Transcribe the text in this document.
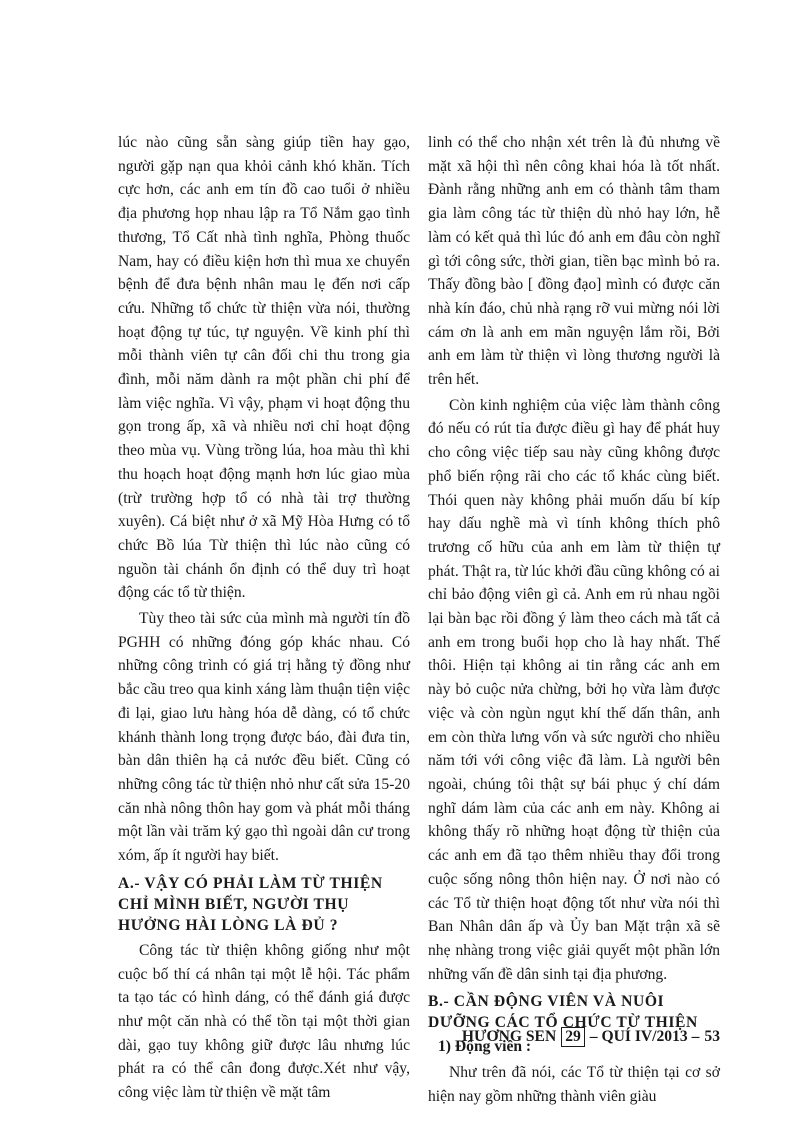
lúc nào cũng sẵn sàng giúp tiền hay gạo, người gặp nạn qua khỏi cảnh khó khăn. Tích cực hơn, các anh em tín đồ cao tuổi ở nhiều địa phương họp nhau lập ra Tổ Nắm gạo tình thương, Tổ Cất nhà tình nghĩa, Phòng thuốc Nam, hay có điều kiện hơn thì mua xe chuyển bệnh để đưa bệnh nhân mau lẹ đến nơi cấp cứu. Những tổ chức từ thiện vừa nói, thường hoạt động tự túc, tự nguyện. Về kinh phí thì mỗi thành viên tự cân đối chi thu trong gia đình, mỗi năm dành ra một phần chi phí để làm việc nghĩa. Vì vậy, phạm vi hoạt động thu gọn trong ấp, xã và nhiều nơi chỉ hoạt động theo mùa vụ. Vùng trồng lúa, hoa màu thì khi thu hoạch hoạt động mạnh hơn lúc giao mùa (trừ trường hợp tổ có nhà tài trợ thường xuyên). Cá biệt như ở xã Mỹ Hòa Hưng có tổ chức Bồ lúa Từ thiện thì lúc nào cũng có nguồn tài chánh ổn định có thể duy trì hoạt động các tổ từ thiện.

Tùy theo tài sức của mình mà người tín đồ PGHH có những đóng góp khác nhau. Có những công trình có giá trị hằng tỷ đồng như bắc cầu treo qua kinh xáng làm thuận tiện việc đi lại, giao lưu hàng hóa dễ dàng, có tổ chức khánh thành long trọng được báo, đài đưa tin, bàn dân thiên hạ cả nước đều biết. Cũng có những công tác từ thiện nhỏ như cất sửa 15-20 căn nhà nông thôn hay gom và phát mỗi tháng một lần vài trăm ký gạo thì ngoài dân cư trong xóm, ấp ít người hay biết.

A.- VẬY CÓ PHẢI LÀM TỪ THIỆN
CHỈ MÌNH BIẾT, NGƯỜI THỤ
HƯỞNG HÀI LÒNG LÀ ĐỦ ?

Công tác từ thiện không giống như một cuộc bố thí cá nhân tại một lễ hội. Tác phẩm ta tạo tác có hình dáng, có thể đánh giá được như một căn nhà có thể tồn tại một thời gian dài, gạo tuy không giữ được lâu nhưng lúc phát ra có thể cân đong được.Xét như vậy, công việc làm từ thiện về mặt tâm

linh có thể cho nhận xét trên là đủ nhưng về mặt xã hội thì nên công khai hóa là tốt nhất. Đành rằng những anh em có thành tâm tham gia làm công tác từ thiện dù nhỏ hay lớn, hễ làm có kết quả thì lúc đó anh em đâu còn nghĩ gì tới công sức, thời gian, tiền bạc mình bỏ ra. Thấy đồng bào [ đồng đạo] mình có được căn nhà kín đáo, chủ nhà rạng rỡ vui mừng nói lời cám ơn là anh em mãn nguyện lắm rồi, Bởi anh em làm từ thiện vì lòng thương người là trên hết.

Còn kinh nghiệm của việc làm thành công đó nếu có rút tỉa được điều gì hay để phát huy cho công việc tiếp sau này cũng không được phổ biến rộng rãi cho các tổ khác cùng biết. Thói quen này không phải muốn dấu bí kíp hay dấu nghề mà vì tính không thích phô trương cố hữu của anh em làm từ thiện tự phát. Thật ra, từ lúc khởi đầu cũng không có ai chỉ bảo động viên gì cả. Anh em rủ nhau ngồi lại bàn bạc rồi đồng ý làm theo cách mà tất cả anh em trong buổi họp cho là hay nhất. Thế thôi. Hiện tại không ai tin rằng các anh em này bỏ cuộc nửa chừng, bởi họ vừa làm được việc và còn ngùn ngụt khí thế dấn thân, anh em còn thừa lưng vốn và sức người cho nhiều năm tới với công việc đã làm. Là người bên ngoài, chúng tôi thật sự bái phục ý chí dám nghĩ dám làm của các anh em này. Không ai không thấy rõ những hoạt động từ thiện của các anh em đã tạo thêm nhiều thay đổi trong cuộc sống nông thôn hiện nay. Ở nơi nào có các Tổ từ thiện hoạt động tốt như vừa nói thì Ban Nhân dân ấp và Ủy ban Mặt trận xã sẽ nhẹ nhàng trong việc giải quyết một phần lớn những vấn đề dân sinh tại địa phương.

B.- CẦN ĐỘNG VIÊN VÀ NUÔI
DƯỠNG CÁC TỔ CHỨC TỪ THIỆN
1) Động viên :

Như trên đã nói, các Tổ từ thiện tại cơ sở hiện nay gồm những thành viên giàu

HƯƠNG SEN 29 – QUÍ IV/2013 – 53
